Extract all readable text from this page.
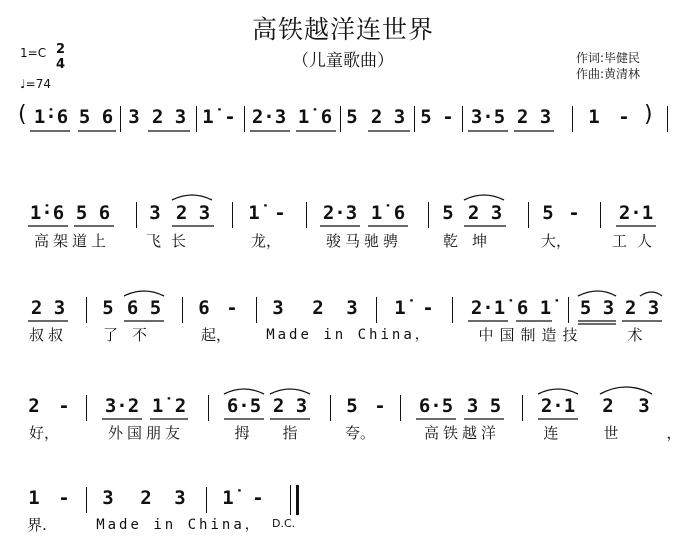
高铁越洋连世界
（儿童歌曲）
1=C 2
4
♩=74
作词:毕健民
作曲:黄清林
( 1̇·6 5 6 3 2 3 1̇ - 2·3 1̇ 6 5 2 3 5 - 3·5 2 3 1 - )
1̇·6 5 6 3 2 3	1̇ - 2·3 1̇ 6 5 2 3	5 - 2·1
高架道上	飞长	龙，	骏马驰骋	乾坤	大，	工人
2 3 5 6 5 6 - 3 2 3 1̇ - 2·1̇ 6 1̇ 5 3 2 3
叔叔 了不	起，	Made in China，	中国制造技	术
2 - 3·2 1̇ 2 6·5 2 3 5 - 6·5 3 5 2·1 2 3
好，	外国朋友	拇	指	夸。	高铁越洋	连	世	，
1 - 3 2 3 1̇ -
界.	Made in China， D.C.
